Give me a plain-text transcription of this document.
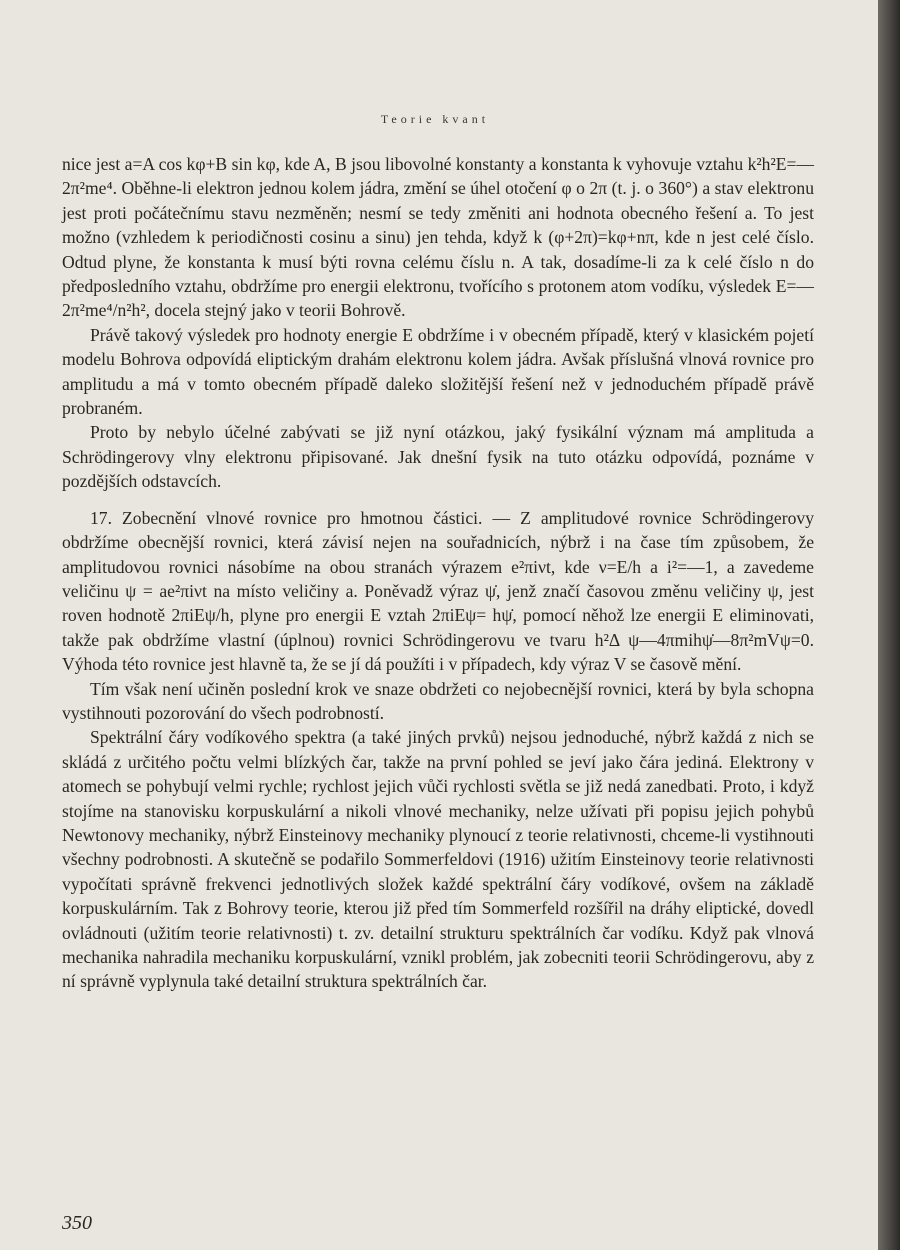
Teorie kvant

nice jest a=A cos kφ+B sin kφ, kde A, B jsou libovolné konstanty a konstanta k vyhovuje vztahu k²h²E=—2π²me⁴. Oběhne-li elektron jednou kolem jádra, změní se úhel otočení φ o 2π (t. j. o 360°) a stav elektronu jest proti počátečnímu stavu nezměněn; nesmí se tedy změniti ani hodnota obecného řešení a. To jest možno (vzhledem k periodičnosti cosinu a sinu) jen tehda, když k (φ+2π)=kφ+nπ, kde n jest celé číslo. Odtud plyne, že konstanta k musí býti rovna celému číslu n. A tak, dosadíme-li za k celé číslo n do předposledního vztahu, obdržíme pro energii elektronu, tvořícího s protonem atom vodíku, výsledek E=—2π²me⁴/n²h², docela stejný jako v teorii Bohrově.

Právě takový výsledek pro hodnoty energie E obdržíme i v obecném případě, který v klasickém pojetí modelu Bohrova odpovídá eliptickým drahám elektronu kolem jádra. Avšak příslušná vlnová rovnice pro amplitudu a má v tomto obecném případě daleko složitější řešení než v jednoduchém případě právě probraném.

Proto by nebylo účelné zabývati se již nyní otázkou, jaký fysikální význam má amplituda a Schrödingerovy vlny elektronu připisované. Jak dnešní fysik na tuto otázku odpovídá, poznáme v pozdějších odstavcích.

17. Zobecnění vlnové rovnice pro hmotnou částici. — Z amplitudové rovnice Schrödingerovy obdržíme obecnější rovnici, která závisí nejen na souřadnicích, nýbrž i na čase tím způsobem, že amplitudovou rovnici násobíme na obou stranách výrazem e²πiνt, kde ν=E/h a i²=—1, a zavedeme veličinu ψ = ae²πiνt na místo veličiny a. Poněvadž výraz ψ̇, jenž značí časovou změnu veličiny ψ, jest roven hodnotě 2πiEψ/h, plyne pro energii E vztah 2πiEψ= hψ̇, pomocí něhož lze energii E eliminovati, takže pak obdržíme vlastní (úplnou) rovnici Schrödingerovu ve tvaru h²Δ ψ—4πmihψ̇—8π²mVψ=0. Výhoda této rovnice jest hlavně ta, že se jí dá použíti i v případech, kdy výraz V se časově mění.

Tím však není učiněn poslední krok ve snaze obdržeti co nejobecnější rovnici, která by byla schopna vystihnouti pozorování do všech podrobností.

Spektrální čáry vodíkového spektra (a také jiných prvků) nejsou jednoduché, nýbrž každá z nich se skládá z určitého počtu velmi blízkých čar, takže na první pohled se jeví jako čára jediná. Elektrony v atomech se pohybují velmi rychle; rychlost jejich vůči rychlosti světla se již nedá zanedbati. Proto, i když stojíme na stanovisku korpuskulární a nikoli vlnové mechaniky, nelze užívati při popisu jejich pohybů Newtonovy mechaniky, nýbrž Einsteinovy mechaniky plynoucí z teorie relativnosti, chceme-li vystihnouti všechny podrobnosti. A skutečně se podařilo Sommerfeldovi (1916) užitím Einsteinovy teorie relativnosti vypočítati správně frekvenci jednotlivých složek každé spektrální čáry vodíkové, ovšem na základě korpuskulárním. Tak z Bohrovy teorie, kterou již před tím Sommerfeld rozšířil na dráhy eliptické, dovedl ovládnouti (užitím teorie relativnosti) t. zv. detailní strukturu spektrálních čar vodíku. Když pak vlnová mechanika nahradila mechaniku korpuskulární, vznikl problém, jak zobecniti teorii Schrödingerovu, aby z ní správně vyplynula také detailní struktura spektrálních čar.

350
